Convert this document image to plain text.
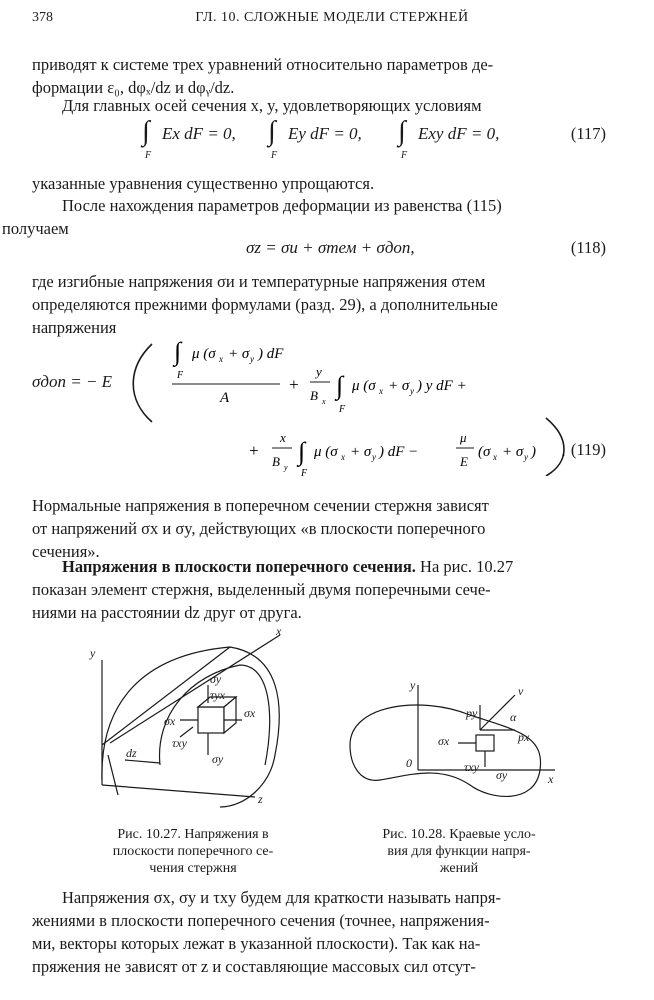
378	ГЛ. 10. СЛОЖНЫЕ МОДЕЛИ СТЕРЖНЕЙ

приводят к системе трех уравнений относительно параметров де-
формации ε₀, dφₓ/dz и dφᵧ/dz.

Для главных осей сечения x, y, удовлетворяющих условиям

∫
F
Ex dF = 0, ∫
F
Ey dF = 0, ∫
F
Exy dF = 0,	(117)

указанные уравнения существенно упрощаются.

После нахождения параметров деформации из равенства (115)
получаем

σz = σи + σтем + σдоп,	(118)

где изгибные напряжения σи и температурные напряжения σтем
определяются прежними формулами (разд. 29), а дополнительные
напряжения

σдоп = − E
∫
F
μ (σ x + σ y ) dF
A
+
y
B x
∫
F
μ (σ x + σ y ) y dF +
+
x
B y
∫
F
μ (σ x + σ y ) dF −
μ
E
(σ x + σ y ) . (119)

Нормальные напряжения в поперечном сечении стержня зависят
от напряжений σx и σy, действующих «в плоскости поперечного
сечения».

Напряжения в плоскости поперечного сечения. На рис. 10.27
показан элемент стержня, выделенный двумя поперечными сече-
ниями на расстоянии dz друг от друга.

y
x
z
dz
σy
τyx
σx
σx
τxy
σy
y
0
x
ν
α
py
px
σx
τxy
σy
Рис. 10.27. Напряжения в
плоскости поперечного се-
чения стержня
Рис. 10.28. Краевые усло-
вия для функции напря-
жений

Напряжения σx, σy и τxy будем для краткости называть напря-
жениями в плоскости поперечного сечения (точнее, напряжения-
ми, векторы которых лежат в указанной плоскости). Так как на-
пряжения не зависят от z и составляющие массовых сил отсут-
